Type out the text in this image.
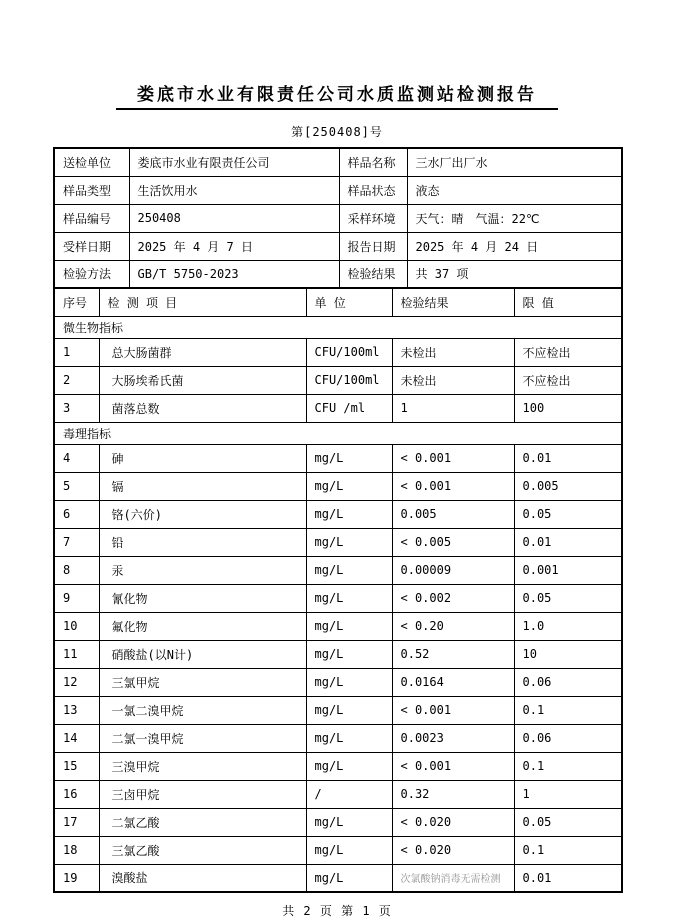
娄底市水业有限责任公司水质监测站检测报告
第[250408]号
送检单位	娄底市水业有限责任公司	样品名称	三水厂出厂水
样品类型	生活饮用水	样品状态	液态
样品编号	250408	采样环境	天气：晴　气温：22℃
受样日期	2025 年 4 月 7 日	报告日期	2025 年 4 月 24 日
检验方法	GB/T 5750-2023	检验结果	共 37 项
序号	检 测 项 目	单 位	检验结果	限 值
微生物指标				
1	总大肠菌群	CFU/100ml	未检出	不应检出
2	大肠埃希氏菌	CFU/100ml	未检出	不应检出
3	菌落总数	CFU /ml	1	100
毒理指标				
4	砷	mg/L	< 0.001	0.01
5	镉	mg/L	< 0.001	0.005
6	铬(六价)	mg/L	0.005	0.05
7	铅	mg/L	< 0.005	0.01
8	汞	mg/L	0.00009	0.001
9	氰化物	mg/L	< 0.002	0.05
10	氟化物	mg/L	< 0.20	1.0
11	硝酸盐(以N计)	mg/L	0.52	10
12	三氯甲烷	mg/L	0.0164	0.06
13	一氯二溴甲烷	mg/L	< 0.001	0.1
14	二氯一溴甲烷	mg/L	0.0023	0.06
15	三溴甲烷	mg/L	< 0.001	0.1
16	三卤甲烷	/	0.32	1
17	二氯乙酸	mg/L	< 0.020	0.05
18	三氯乙酸	mg/L	< 0.020	0.1
19	溴酸盐	mg/L	次氯酸钠消毒无需检测	0.01
共 2 页 第 1 页
